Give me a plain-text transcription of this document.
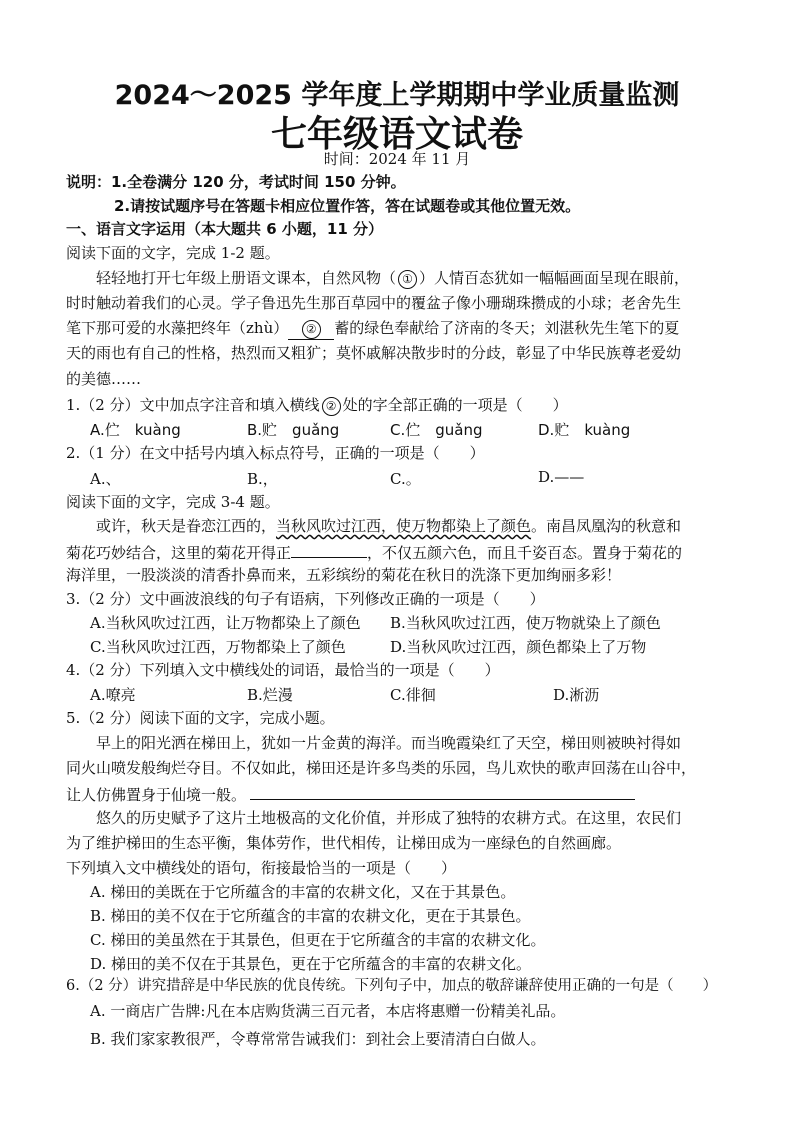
2024～2025 学年度上学期期中学业质量监测
七年级语文试卷
时间：2024 年 11 月
说明：1.全卷满分 120 分，考试时间 150 分钟。
2.请按试题序号在答题卡相应位置作答，答在试题卷或其他位置无效。
一、语言文字运用（本大题共 6 小题，11 分）
阅读下面的文字，完成 1-2 题。
轻轻地打开七年级上册语文课本，自然风物（ ① ）人情百态犹如一幅幅画面呈现在眼前，
时时触动着我们的心灵。学子鲁迅先生那百草园中的覆盆子像小珊瑚珠攒成的小球；老舍先生
笔下那可爱的水藻把终年（zhù） ② 蓄的绿色奉献给了济南的冬天；刘湛秋先生笔下的夏
天的雨也有自己的性格，热烈而又粗犷；莫怀戚解决散步时的分歧，彰显了中华民族尊老爱幼
的美德……
1.（2 分）文中加点字注音和填入横线 ② 处的字全部正确的一项是（　　）
A.伫　kuàng	B.贮　guǎng	C.伫　guǎng	D.贮　kuàng
2.（1 分）在文中括号内填入标点符号，正确的一项是（　　）
A.、	B.，	C.。	D.——
阅读下面的文字，完成 3-4 题。
或许，秋天是眷恋江西的，当秋风吹过江西，使万物都染上了颜色。南昌凤凰沟的秋意和
菊花巧妙结合，这里的菊花开得正	，不仅五颜六色，而且千姿百态。置身于菊花的
海洋里，一股淡淡的清香扑鼻而来，五彩缤纷的菊花在秋日的洗涤下更加绚丽多彩！
3.（2 分）文中画波浪线的句子有语病，下列修改正确的一项是（　　）
A.当秋风吹过江西，让万物都染上了颜色 B.当秋风吹过江西，使万物就染上了颜色
C.当秋风吹过江西，万物都染上了颜色	D.当秋风吹过江西，颜色都染上了万物
4.（2 分）下列填入文中横线处的词语，最恰当的一项是（　　）
A.嘹亮	B.烂漫	C.徘徊	D.淅沥
5.（2 分）阅读下面的文字，完成小题。
早上的阳光洒在梯田上，犹如一片金黄的海洋。而当晚霞染红了天空，梯田则被映衬得如
同火山喷发般绚烂夺目。不仅如此，梯田还是许多鸟类的乐园，鸟儿欢快的歌声回荡在山谷中，
让人仿佛置身于仙境一般。
悠久的历史赋予了这片土地极高的文化价值，并形成了独特的农耕方式。在这里，农民们
为了维护梯田的生态平衡，集体劳作，世代相传，让梯田成为一座绿色的自然画廊。
下列填入文中横线处的语句，衔接最恰当的一项是（　　）
A. 梯田的美既在于它所蕴含的丰富的农耕文化，又在于其景色。
B. 梯田的美不仅在于它所蕴含的丰富的农耕文化，更在于其景色。
C. 梯田的美虽然在于其景色，但更在于它所蕴含的丰富的农耕文化。
D. 梯田的美不仅在于其景色，更在于它所蕴含的丰富的农耕文化。
6.（2 分）讲究措辞是中华民族的优良传统。下列句子中，加点的敬辞谦辞使用正确的一句是（　　）
A. 一商店广告牌:凡在本店购货满三百元者，本店将惠赠一份精美礼品。
B. 我们家家教很严，令尊常常告诫我们：到社会上要清清白白做人。
